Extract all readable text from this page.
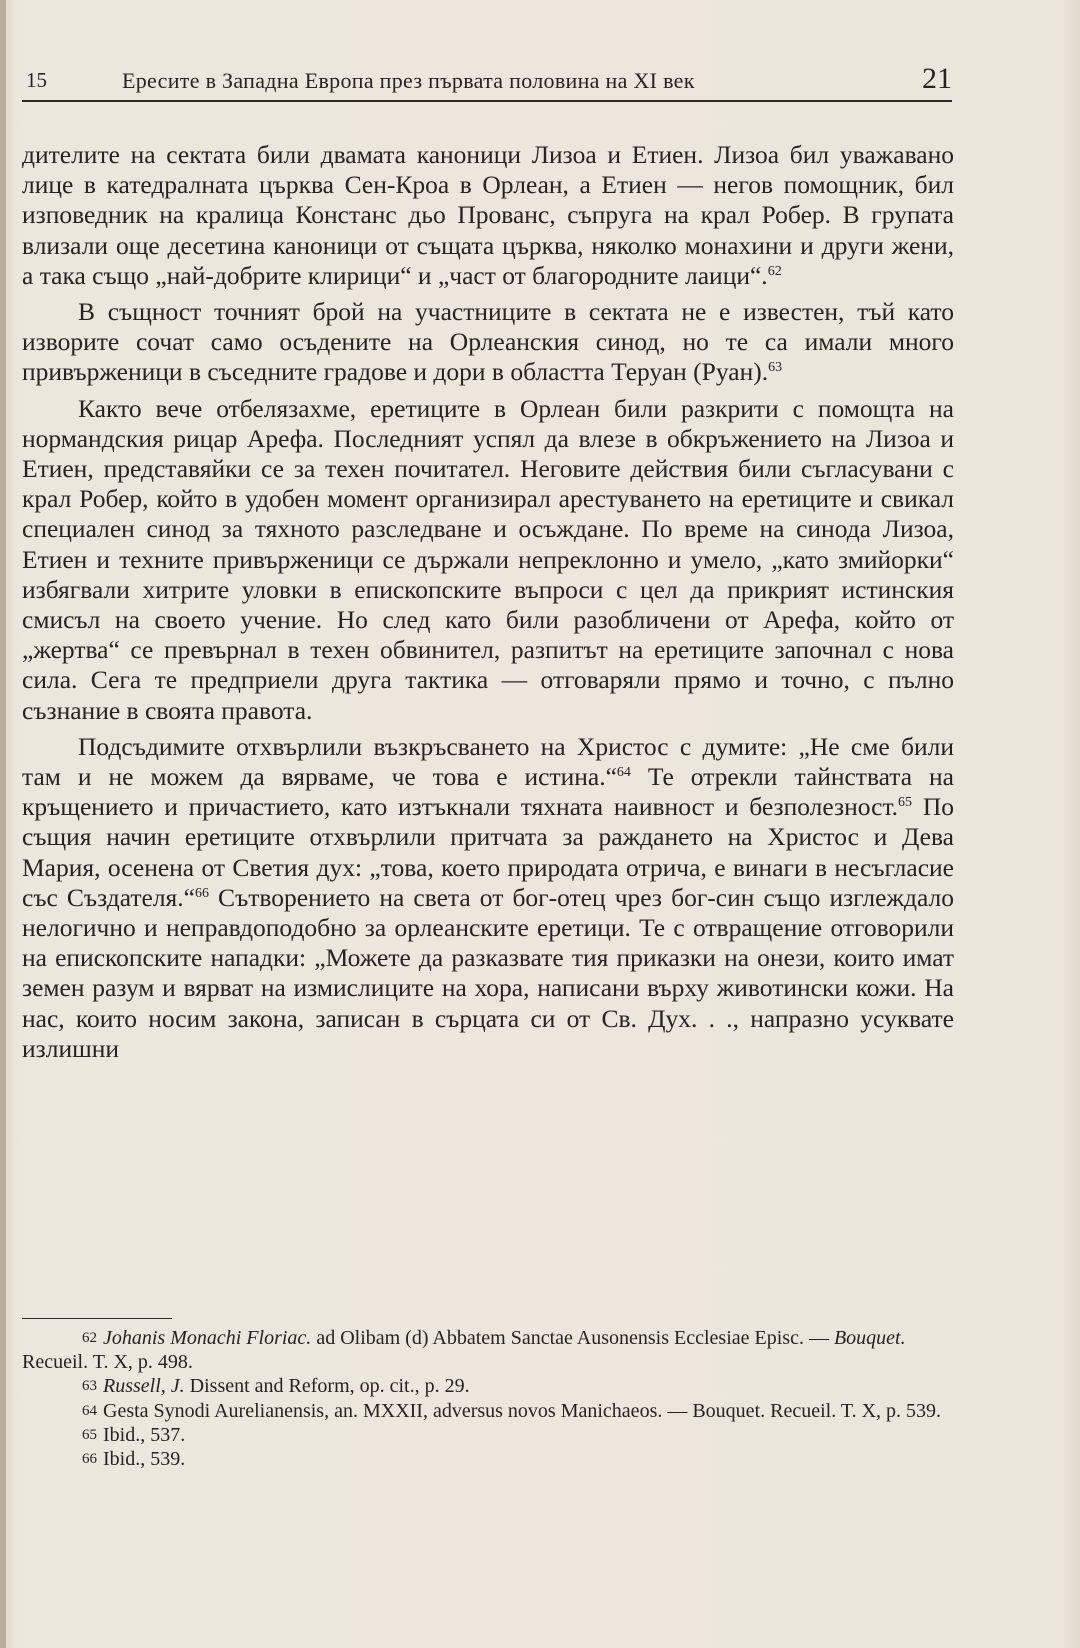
15	Ересите в Западна Европа през първата половина на XI век	21

дителите на сектата били двамата каноници Лизоа и Етиен. Лизоа бил уважавано лице в катедралната църква Сен-Кроа в Орлеан, а Етиен — негов помощник, бил изповедник на кралица Констанс дьо Прованс, съпруга на крал Робер. В групата влизали още десетина каноници от същата църква, няколко монахини и други жени, а така също „най-добрите клирици“ и „част от благородните лаици“.$^{62}$

В същност точният брой на участниците в сектата не е известен, тъй като изворите сочат само осъдените на Орлеанския синод, но те са имали много привърженици в съседните градове и дори в областта Теруан (Руан).$^{63}$

Както вече отбелязахме, еретиците в Орлеан били разкрити с помощта на нормандския рицар Арефа. Последният успял да влезе в обкръжението на Лизоа и Етиен, представяйки се за техен почитател. Неговите действия били съгласувани с крал Робер, който в удобен момент организирал арестуването на еретиците и свикал специален синод за тяхното разследване и осъждане. По време на синода Лизоа, Етиен и техните привърженици се държали непреклонно и умело, „като змийорки“ избягвали хитрите уловки в епископските въпроси с цел да прикрият истинския смисъл на своето учение. Но след като били разобличени от Арефа, който от „жертва“ се превърнал в техен обвинител, разпитът на еретиците започнал с нова сила. Сега те предприели друга тактика — отговаряли прямо и точно, с пълно съзнание в своята правота.

Подсъдимите отхвърлили възкръсването на Христос с думите: „Не сме били там и не можем да вярваме, че това е истина.“$^{64}$ Те отрекли тайнствата на кръщението и причастието, като изтъкнали тяхната наивност и безполезност.$^{65}$ По същия начин еретиците отхвърлили притчата за раждането на Христос и Дева Мария, осенена от Светия дух: „това, което природата отрича, е винаги в несъгласие със Създателя.“$^{66}$ Сътворението на света от бог-отец чрез бог-син също изглеждало нелогично и неправдоподобно за орлеанските еретици. Те с отвращение отговорили на епископските нападки: „Можете да разказвате тия приказки на онези, които имат земен разум и вярват на измислиците на хора, написани върху животински кожи. На нас, които носим закона, записан в сърцата си от Св. Дух. . ., напразно усуквате излишни

62 Johanis Monachi Floriac. ad Olibam (d) Abbatem Sanctae Ausonensis Ecclesiae Episc. — Bouquet. Recueil. T. X, p. 498.

63 Russell, J. Dissent and Reform, op. cit., p. 29.

64 Gesta Synodi Aurelianensis, an. MXXII, adversus novos Manichaeos. — Bouquet. Recueil. T. X, p. 539.

65 Ibid., 537.

66 Ibid., 539.
